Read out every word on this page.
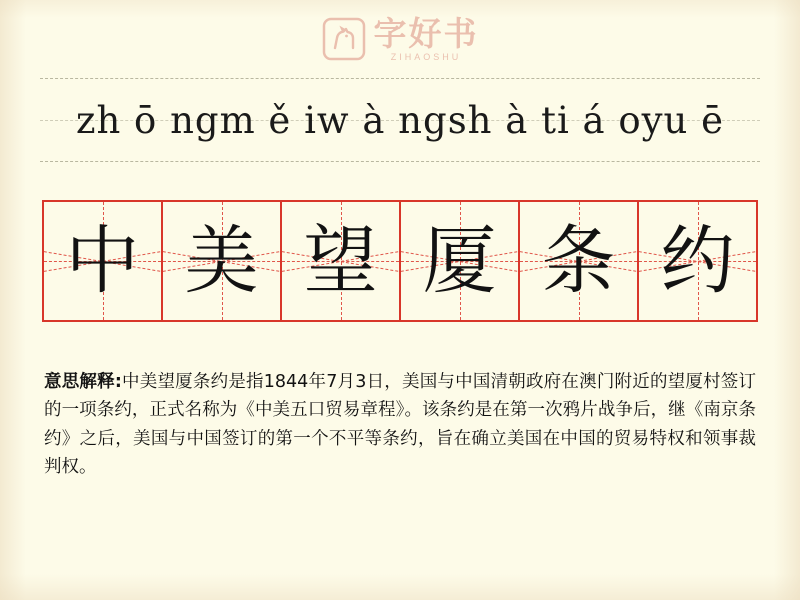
字好书
ZIHAOSHU
zh ō ngm ě iw à ngsh à ti á oyu ē
中 美 望 厦 条 约
意思解释:中美望厦条约是指1844年7月3日，美国与中国清朝政府在澳门附近的望厦村签订的一项条约，正式名称为《中美五口贸易章程》。该条约是在第一次鸦片战争后，继《南京条约》之后，美国与中国签订的第一个不平等条约，旨在确立美国在中国的贸易特权和领事裁判权。
